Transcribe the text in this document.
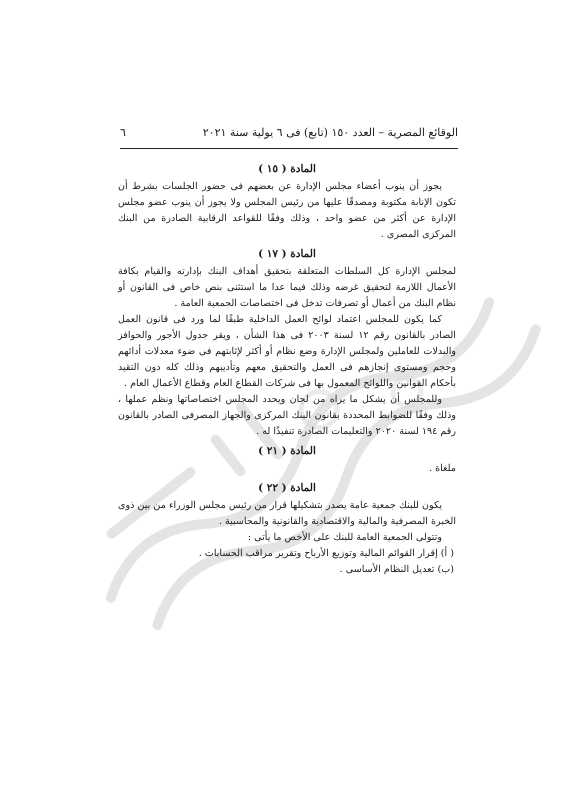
٦	الوقائع المصرية – العدد ١٥٠ (تابع) فى ٦ يولية سنة ٢٠٢١
المادة ( ١٥ )

يجوز أن ينوب أعضاء مجلس الإدارة عن بعضهم فى حضور الجلسات بشرط أن تكون الإنابة مكتوبة ومصدقًا عليها من رئيس المجلس ولا يجوز أن ينوب عضو مجلس الإدارة عن أكثر من عضو واحد ، وذلك وفقًا للقواعد الرقابية الصادرة من البنك المركزى المصرى .

المادة ( ١٧ )

لمجلس الإدارة كل السلطات المتعلقة بتحقيق أهداف البنك بإدارته والقيام بكافة الأعمال اللازمة لتحقيق غرضه وذلك فيما عدا ما استثنى بنص خاص فى القانون أو نظام البنك من أعمال أو تصرفات تدخل فى اختصاصات الجمعية العامة .

كما يكون للمجلس اعتماد لوائح العمل الداخلية طبقًا لما ورد فى قانون العمل الصادر بالقانون رقم ١٢ لسنة ٢٠٠٣ فى هذا الشأن ، ويقر جدول الأجور والحوافز والبدلات للعاملين ولمجلس الإدارة وضع نظام أو أكثر لإثابتهم فى ضوء معدلات أدائهم وحجم ومستوى إنجازهم فى العمل والتحقيق معهم وتأديبهم وذلك كله دون التقيد بأحكام القوانين واللوائح المعمول بها فى شركات القطاع العام وقطاع الأعمال العام .

وللمجلس أن يشكل ما يراه من لجان ويحدد المجلس اختصاصاتها ونظم عملها ، وذلك وفقًا للضوابط المحددة بقانون البنك المركزى والجهاز المصرفى الصادر بالقانون رقم ١٩٤ لسنة ٢٠٢٠ والتعليمات الصادرة تنفيذًا له .

المادة ( ٢١ )

ملغاة .

المادة ( ٢٢ )

يكون للبنك جمعية عامة يصدر بتشكيلها قرار من رئيس مجلس الوزراء من بين ذوى الخبرة المصرفية والمالية والاقتصادية والقانونية والمحاسبية .

وتتولى الجمعية العامة للبنك على الأخص ما يأتى :

( أ) إقرار القوائم المالية وتوزيع الأرباح وتقرير مراقب الحسابات .

(ب) تعديل النظام الأساسى .
